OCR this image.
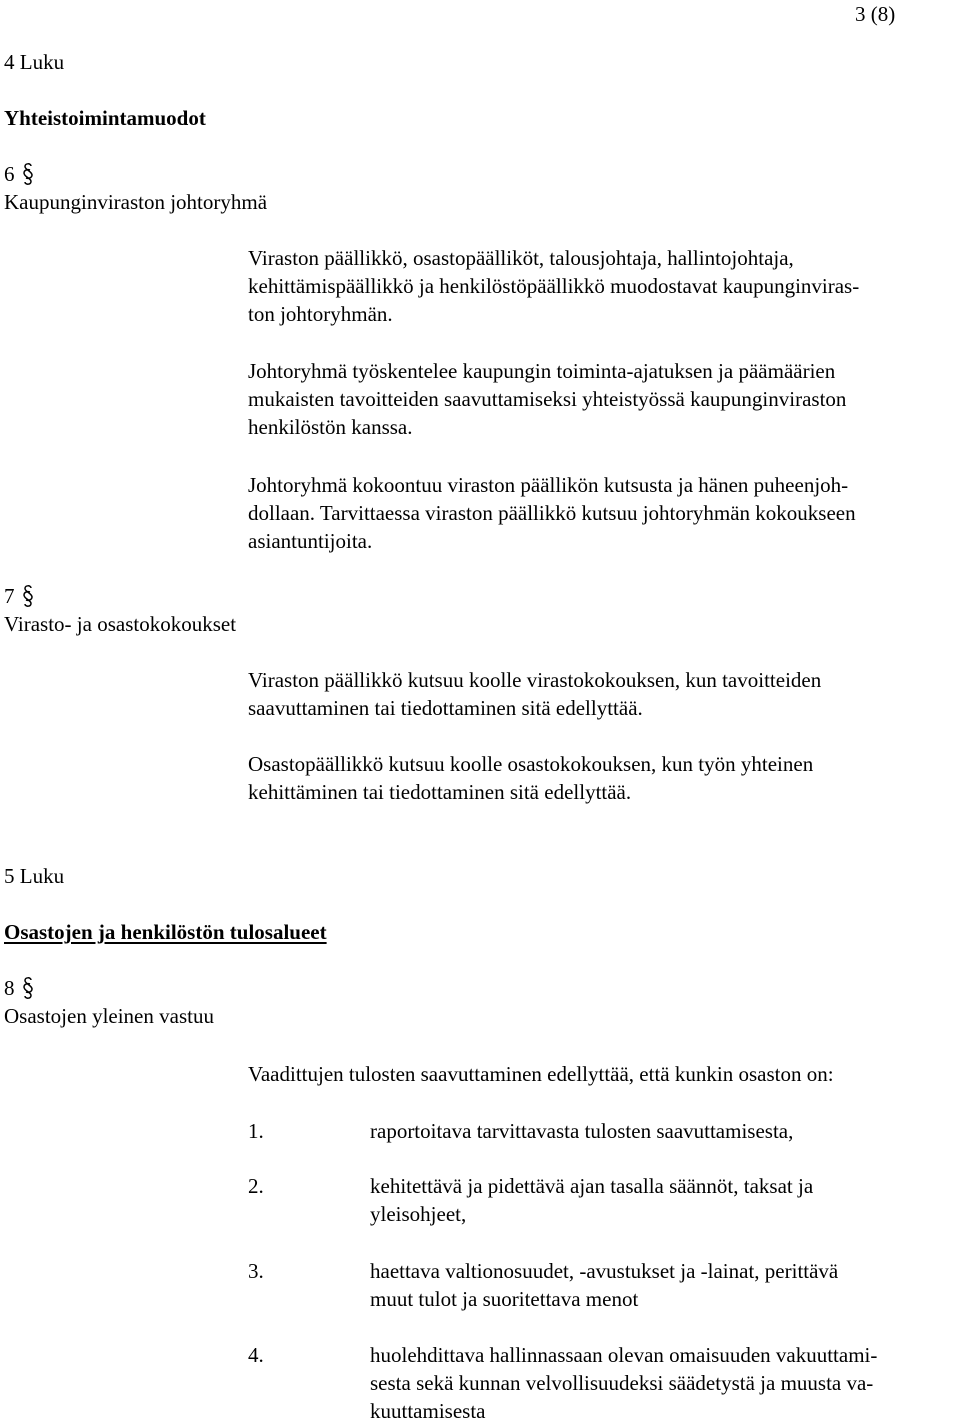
3 (8)
4 Luku
Yhteistoimintamuodot
6
Kaupunginviraston johtoryhmä
Viraston päällikkö, osastopäälliköt, talousjohtaja, hallintojohtaja,
kehittämispäällikkö ja henkilöstöpäällikkö muodostavat kaupunginviras-
ton johtoryhmän.
Johtoryhmä työskentelee kaupungin toiminta-ajatuksen ja päämäärien
mukaisten tavoitteiden saavuttamiseksi yhteistyössä kaupunginviraston
henkilöstön kanssa.
Johtoryhmä kokoontuu viraston päällikön kutsusta ja hänen puheenjoh-
dollaan. Tarvittaessa viraston päällikkö kutsuu johtoryhmän kokoukseen
asiantuntijoita.
7
Virasto- ja osastokokoukset
Viraston päällikkö kutsuu koolle virastokokouksen, kun tavoitteiden
saavuttaminen tai tiedottaminen sitä edellyttää.
Osastopäällikkö kutsuu koolle osastokokouksen, kun työn yhteinen
kehittäminen tai tiedottaminen sitä edellyttää.
5 Luku
Osastojen ja henkilöstön tulosalueet
8
Osastojen yleinen vastuu
Vaadittujen tulosten saavuttaminen edellyttää, että kunkin osaston on:
1.	raportoitava tarvittavasta tulosten saavuttamisesta,
2.	kehitettävä ja pidettävä ajan tasalla säännöt, taksat ja
yleisohjeet,
3.	haettava valtionosuudet, -avustukset ja -lainat, perittävä
muut tulot ja suoritettava menot
4.	huolehdittava hallinnassaan olevan omaisuuden vakuuttami-
sesta sekä kunnan velvollisuudeksi säädetystä ja muusta va-
kuuttamisesta
